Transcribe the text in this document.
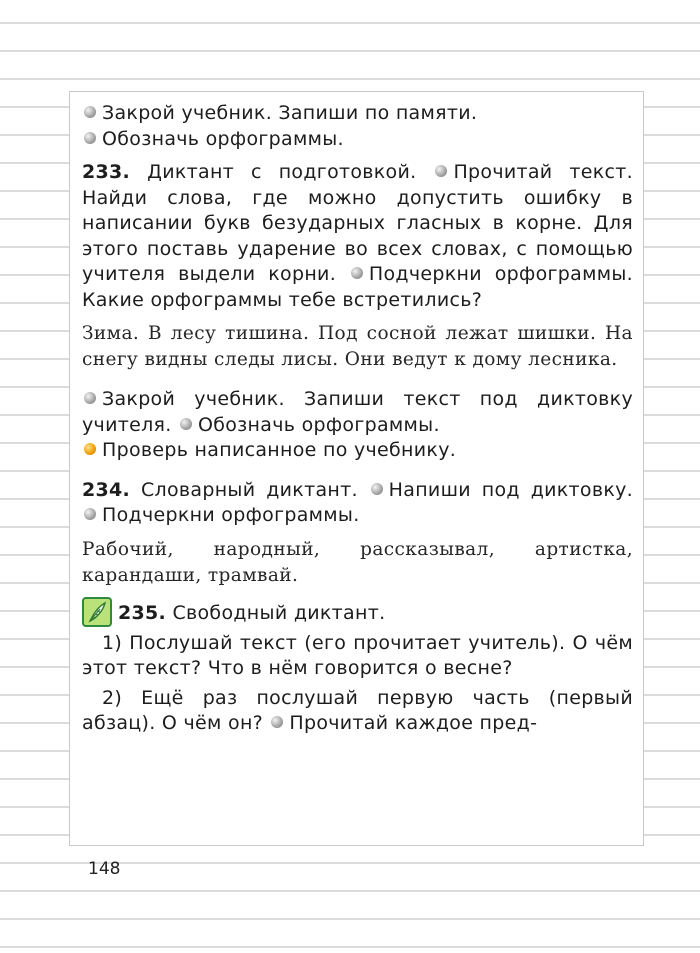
Закрой учебник. Запиши по памяти.
Обозначь орфограммы.

233. Диктант с подготовкой. Прочитай текст. Найди слова, где можно допустить ошибку в написании букв безударных гласных в корне. Для этого поставь ударение во всех словах, с помощью учителя выдели корни. Подчеркни орфограммы. Какие орфограммы тебе встретились?

Зима. В лесу тишина. Под сосной лежат шишки. На снегу видны следы лисы. Они ведут к дому лесника.

Закрой учебник. Запиши текст под диктовку учителя. Обозначь орфограммы.
Проверь написанное по учебнику.

234. Словарный диктант. Напиши под диктовку. Подчеркни орфограммы.

Рабочий, народный, рассказывал, артистка, карандаши, трамвай.

235. Свободный диктант.

1) Послушай текст (его прочитает учитель). О чём этот текст? Что в нём говорится о весне?

2) Ещё раз послушай первую часть (первый абзац). О чём он? Прочитай каждое пред-

148
